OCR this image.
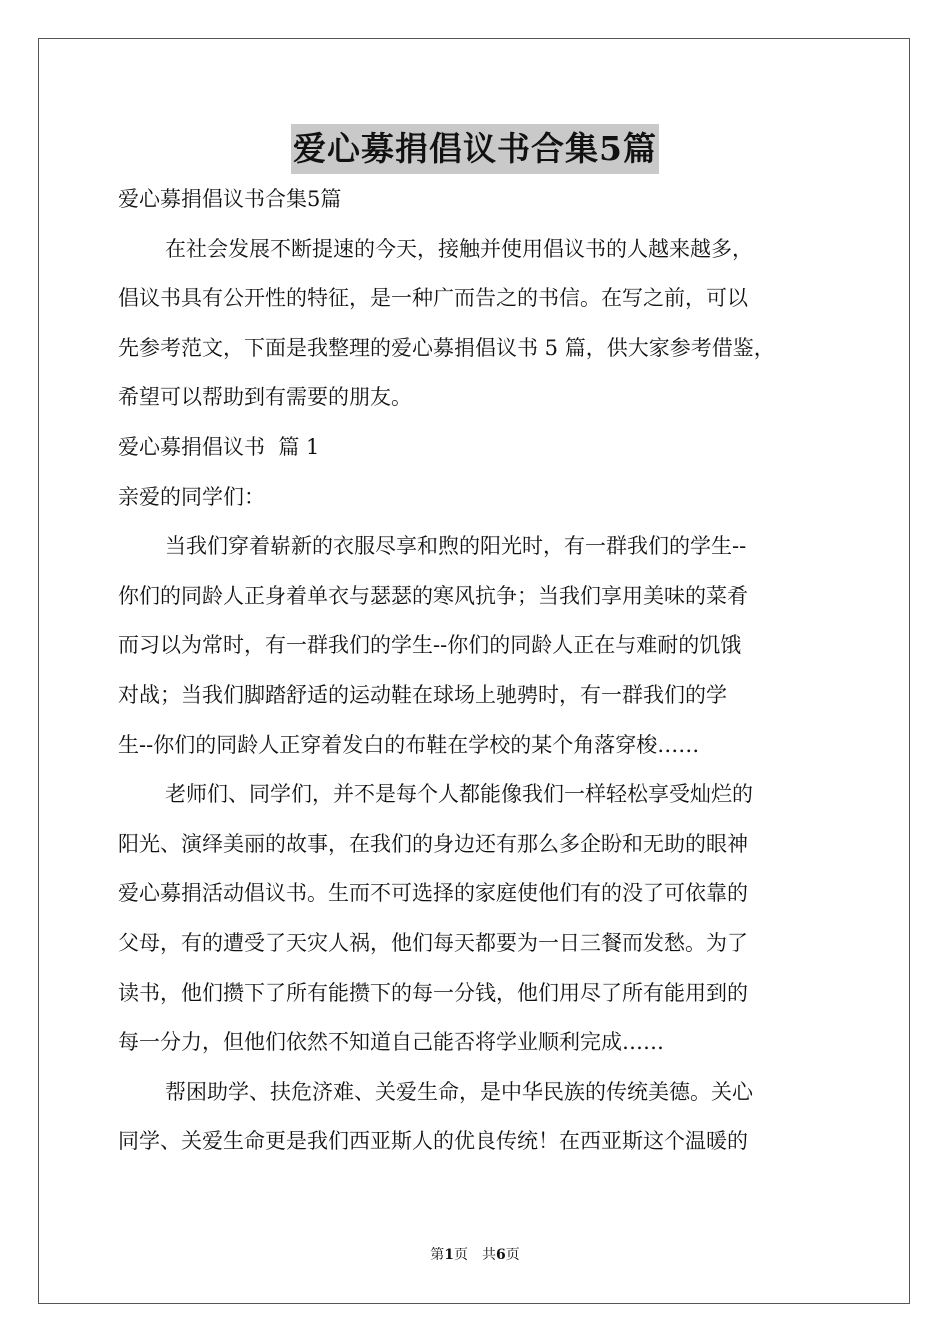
爱心募捐倡议书合集5篇
爱心募捐倡议书合集5篇
在社会发展不断提速的今天，接触并使用倡议书的人越来越多，
倡议书具有公开性的特征，是一种广而告之的书信。在写之前，可以
先参考范文，下面是我整理的爱心募捐倡议书 5 篇，供大家参考借鉴，
希望可以帮助到有需要的朋友。
爱心募捐倡议书  篇 1
亲爱的同学们：
当我们穿着崭新的衣服尽享和煦的阳光时，有一群我们的学生--
你们的同龄人正身着单衣与瑟瑟的寒风抗争；当我们享用美味的菜肴
而习以为常时，有一群我们的学生--你们的同龄人正在与难耐的饥饿
对战；当我们脚踏舒适的运动鞋在球场上驰骋时，有一群我们的学
生--你们的同龄人正穿着发白的布鞋在学校的某个角落穿梭……
老师们、同学们，并不是每个人都能像我们一样轻松享受灿烂的
阳光、演绎美丽的故事，在我们的身边还有那么多企盼和无助的眼神
爱心募捐活动倡议书。生而不可选择的家庭使他们有的没了可依靠的
父母，有的遭受了天灾人祸，他们每天都要为一日三餐而发愁。为了
读书，他们攒下了所有能攒下的每一分钱，他们用尽了所有能用到的
每一分力，但他们依然不知道自己能否将学业顺利完成……
帮困助学、扶危济难、关爱生命，是中华民族的传统美德。关心
同学、关爱生命更是我们西亚斯人的优良传统！在西亚斯这个温暖的
第1页　共6页
